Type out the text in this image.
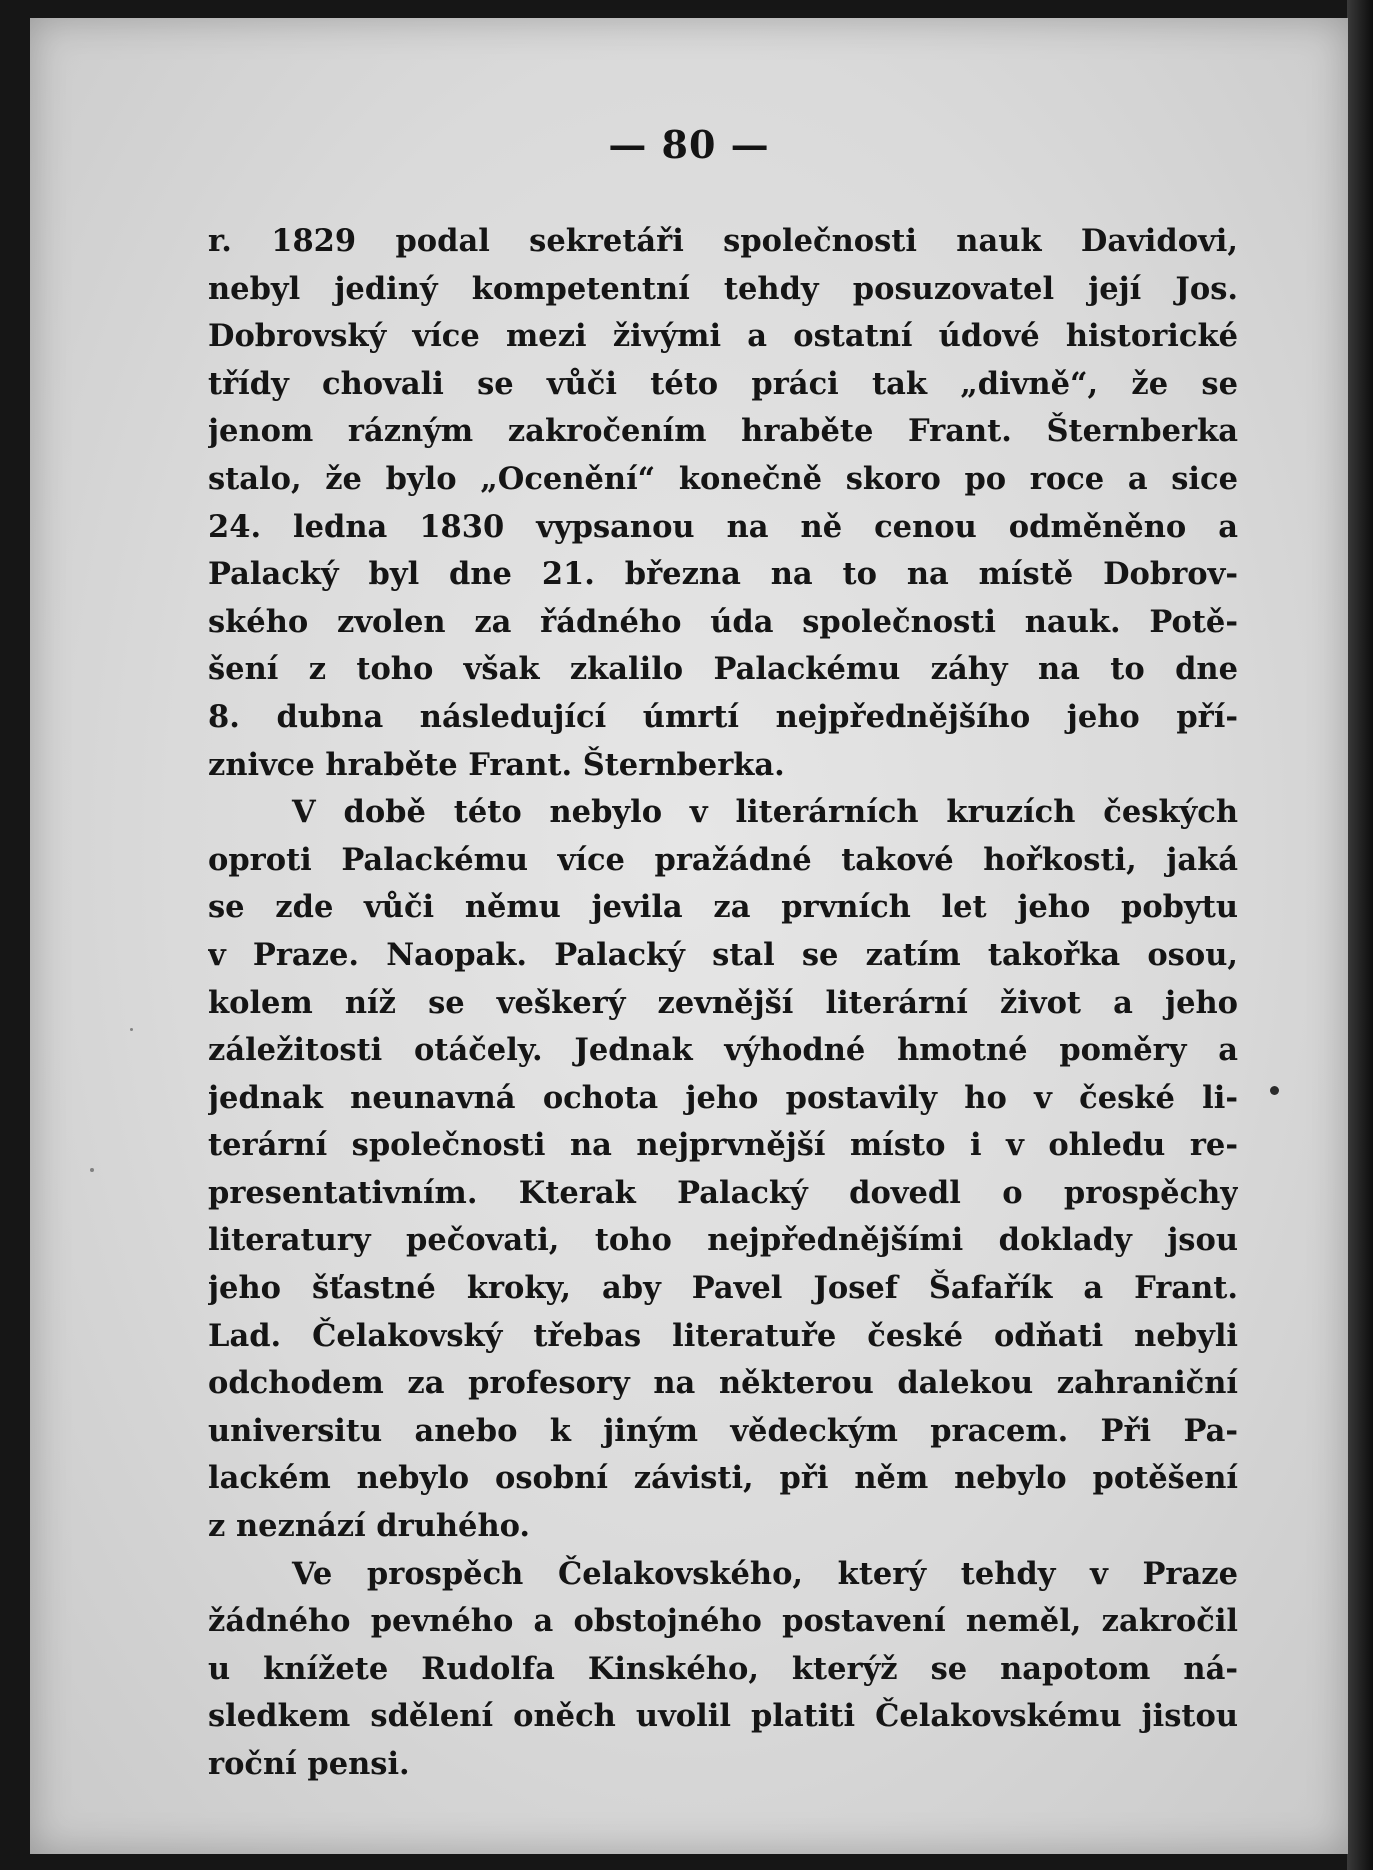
— 80 —
r. 1829 podal sekretáři společnosti nauk Davidovi,
nebyl jediný kompetentní tehdy posuzovatel její Jos.
Dobrovský více mezi živými a ostatní údové historické
třídy chovali se vůči této práci tak „divně“, že se
jenom rázným zakročením hraběte Frant. Šternberka
stalo, že bylo „Ocenění“ konečně skoro po roce a sice
24. ledna 1830 vypsanou na ně cenou odměněno a
Palacký byl dne 21. března na to na místě Dobrov-
ského zvolen za řádného úda společnosti nauk. Potě-
šení z toho však zkalilo Palackému záhy na to dne
8. dubna následující úmrtí nejpřednějšího jeho pří-
znivce hraběte Frant. Šternberka.
V době této nebylo v literárních kruzích českých
oproti Palackému více pražádné takové hořkosti, jaká
se zde vůči němu jevila za prvních let jeho pobytu
v Praze. Naopak. Palacký stal se zatím takořka osou,
kolem níž se veškerý zevnější literární život a jeho
záležitosti otáčely. Jednak výhodné hmotné poměry a
jednak neunavná ochota jeho postavily ho v české li-
terární společnosti na nejprvnější místo i v ohledu re-
presentativním. Kterak Palacký dovedl o prospěchy
literatury pečovati, toho nejpřednějšími doklady jsou
jeho šťastné kroky, aby Pavel Josef Šafařík a Frant.
Lad. Čelakovský třebas literatuře české odňati nebyli
odchodem za profesory na některou dalekou zahraniční
universitu anebo k jiným vědeckým pracem. Při Pa-
lackém nebylo osobní závisti, při něm nebylo potěšení
z neznází druhého.
Ve prospěch Čelakovského, který tehdy v Praze
žádného pevného a obstojného postavení neměl, zakročil
u knížete Rudolfa Kinského, kterýž se napotom ná-
sledkem sdělení oněch uvolil platiti Čelakovskému jistou
roční pensi.
